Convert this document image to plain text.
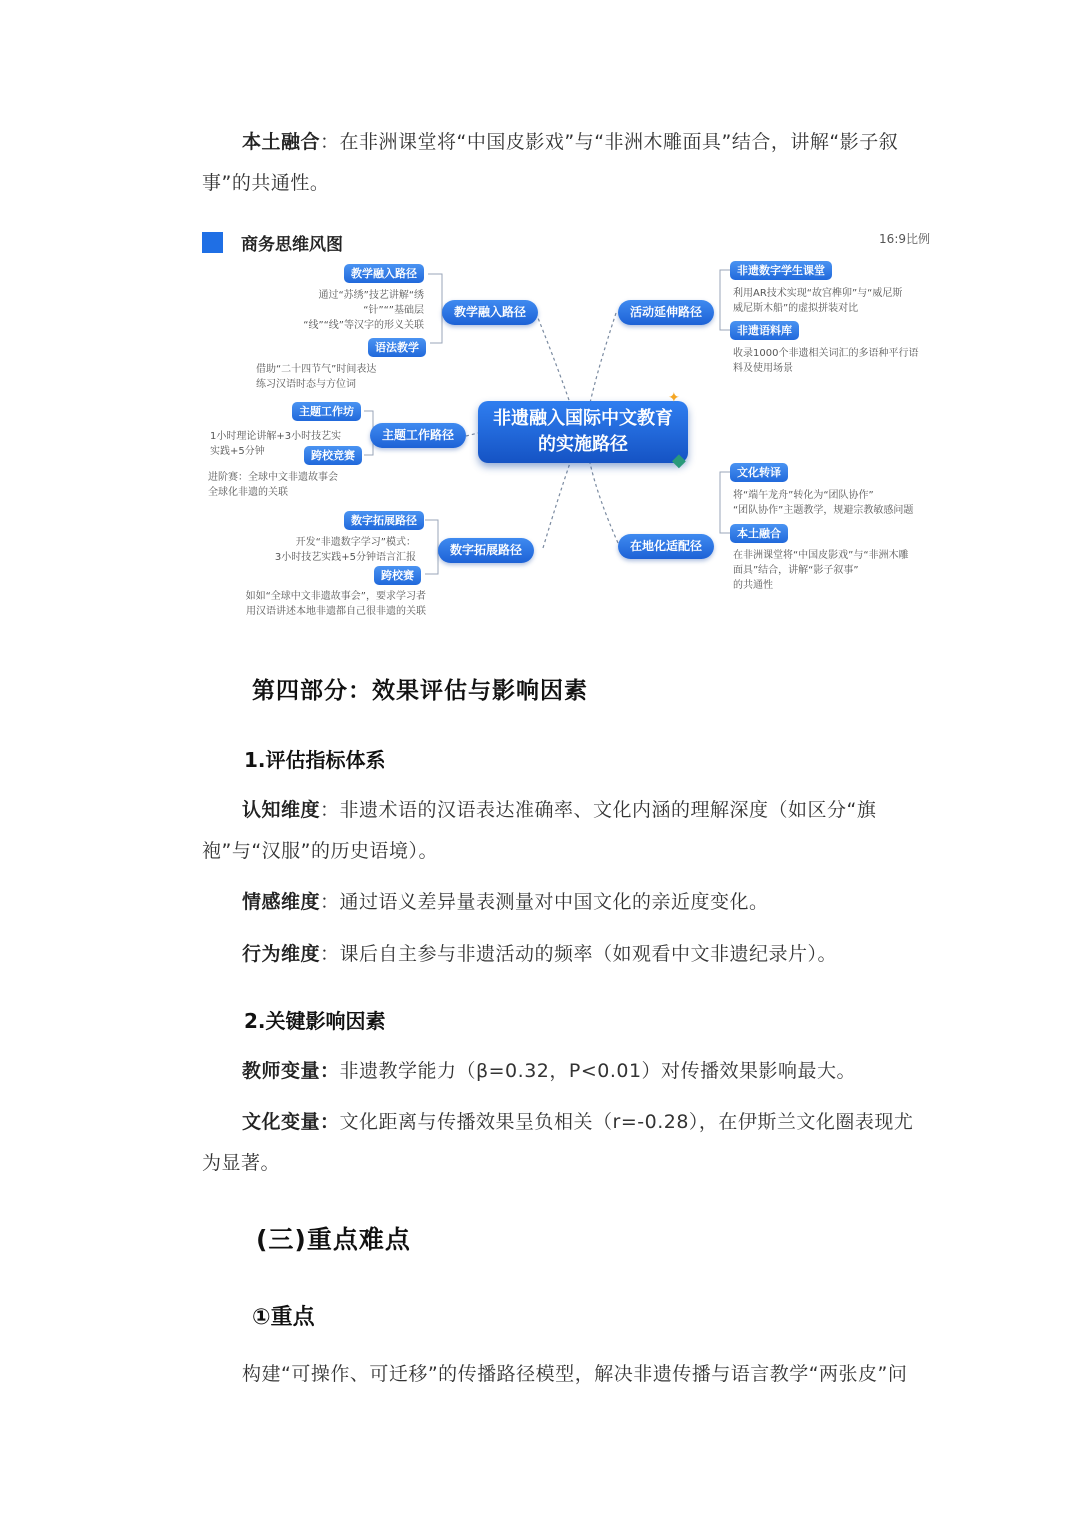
本土融合：在非洲课堂将“中国皮影戏”与“非洲木雕面具”结合，讲解“影子叙事”的共通性。

商务思维风图	16:9比例
非遗融入国际中文教育
的实施路径
✦
◆
教学融入路径
教学融入路径
通过“苏绣”技艺讲解“绣
“针”“”基础层
“线”“线”等汉字的形义关联
语法教学
借助“二十四节气”时间表达
练习汉语时态与方位词
主题工作路径
主题工作坊
1小时理论讲解+3小时技艺实
实践+5分钟	跨校竞赛
进阶赛：全球中文非遗故事会
全球化非遗的关联
数字拓展路径
数字拓展路径
开发“非遗数字学习”模式：
3小时技艺实践+5分钟语言汇报
跨校赛
如如“全球中文非遗故事会”，要求学习者
用汉语讲述本地非遗都自己很非遗的关联
活动延伸路径
非遗数字学生课堂
利用AR技术实现“故宫榫卯”与“威尼斯
威尼斯木船”的虚拟拼装对比
非遗语料库
收录1000个非遗相关词汇的多语种平行语
料及使用场景
在地化适配径
文化转译
将“端午龙舟”转化为“团队协作”
“团队协作”主题教学，规避宗教敏感问题
本土融合
在非洲课堂将“中国皮影戏”与“非洲木雕
面具”结合，讲解“影子叙事”
的共通性
第四部分：效果评估与影响因素
1.评估指标体系

认知维度：非遗术语的汉语表达准确率、文化内涵的理解深度（如区分“旗袍”与“汉服”的历史语境）。

情感维度：通过语义差异量表测量对中国文化的亲近度变化。

行为维度：课后自主参与非遗活动的频率（如观看中文非遗纪录片）。

2.关键影响因素

教师变量：非遗教学能力（β=0.32，P<0.01）对传播效果影响最大。

文化变量：文化距离与传播效果呈负相关（r=-0.28），在伊斯兰文化圈表现尤为显著。

(三)重点难点
①重点

构建“可操作、可迁移”的传播路径模型，解决非遗传播与语言教学“两张皮”问
